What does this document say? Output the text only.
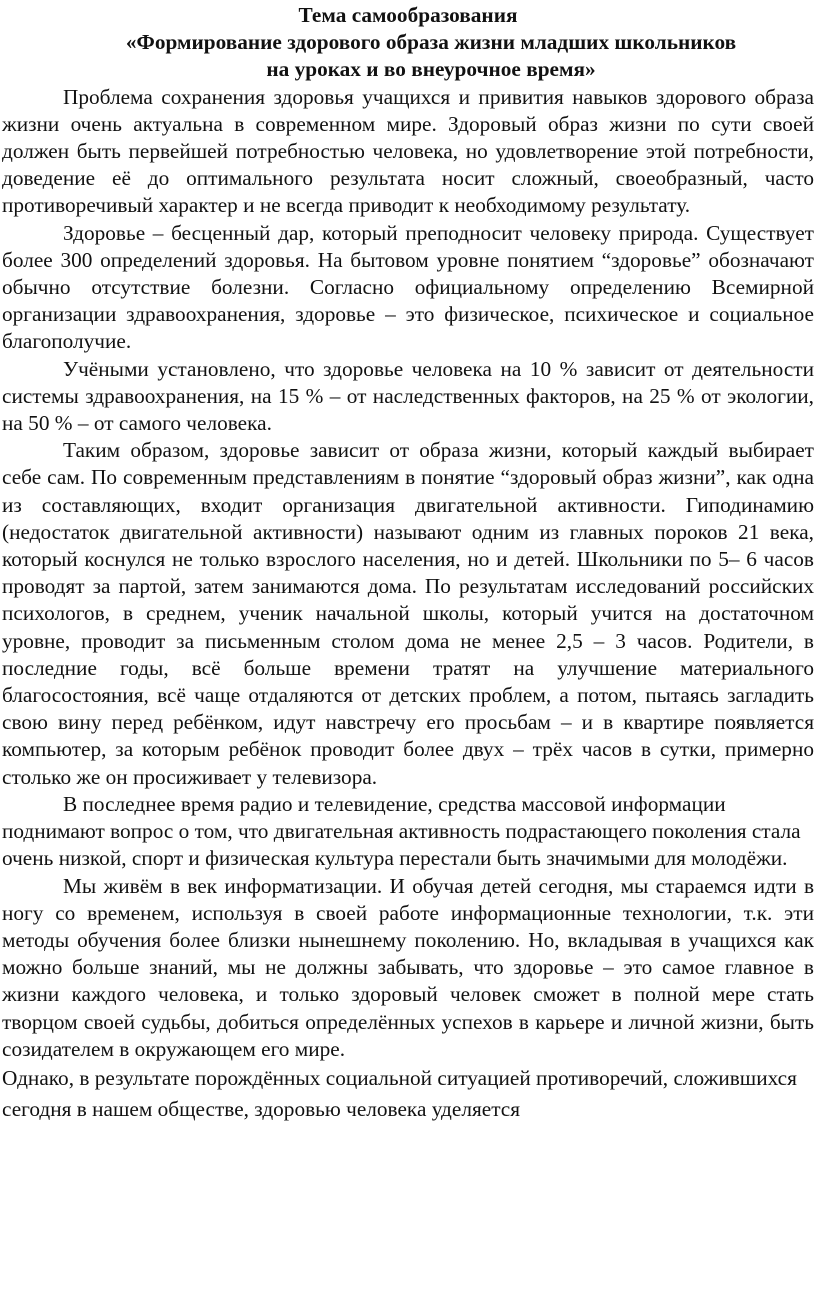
Тема самообразования

«Формирование здорового образа жизни младших школьников

на уроках и во внеурочное время»

Проблема сохранения здоровья учащихся и привития навыков здорового образа жизни очень актуальна в современном мире. Здоровый образ жизни по сути своей должен быть первейшей потребностью человека, но удовлетворение этой потребности, доведение её до оптимального результата носит сложный, своеобразный, часто противоречивый характер и не всегда приводит к необходимому результату.

Здоровье – бесценный дар, который преподносит человеку природа. Существует более 300 определений здоровья. На бытовом уровне понятием “здоровье” обозначают обычно отсутствие болезни. Согласно официальному определению Всемирной организации здравоохранения, здоровье – это физическое, психическое и социальное благополучие.

Учёными установлено, что здоровье человека на 10 % зависит от деятельности системы здравоохранения, на 15 % – от наследственных факторов, на 25 % от экологии, на 50 % – от самого человека.

Таким образом, здоровье зависит от образа жизни, который каждый выбирает себе сам. По современным представлениям в понятие “здоровый образ жизни”, как одна из составляющих, входит организация двигательной активности. Гиподинамию (недостаток двигательной активности) называют одним из главных пороков 21 века, который коснулся не только взрослого населения, но и детей. Школьники по 5– 6 часов проводят за партой, затем занимаются дома. По результатам исследований российских психологов, в среднем, ученик начальной школы, который учится на достаточном уровне, проводит за письменным столом дома не менее 2,5 – 3 часов. Родители, в последние годы, всё больше времени тратят на улучшение материального благосостояния, всё чаще отдаляются от детских проблем, а потом, пытаясь загладить свою вину перед ребёнком, идут навстречу его просьбам – и в квартире появляется компьютер, за которым ребёнок проводит более двух – трёх часов в сутки, примерно столько же он просиживает у телевизора.

В последнее время радио и телевидение, средства массовой информации поднимают вопрос о том, что двигательная активность подрастающего поколения стала очень низкой, спорт и физическая культура перестали быть значимыми для молодёжи.

Мы живём в век информатизации. И обучая детей сегодня, мы стараемся идти в ногу со временем, используя в своей работе информационные технологии, т.к. эти методы обучения более близки нынешнему поколению. Но, вкладывая в учащихся как можно больше знаний, мы не должны забывать, что здоровье – это самое главное в жизни каждого человека, и только здоровый человек сможет в полной мере стать творцом своей судьбы, добиться определённых успехов в карьере и личной жизни, быть созидателем в окружающем его мире.

Однако, в результате порождённых социальной ситуацией противоречий, сложившихся сегодня в нашем обществе, здоровью человека уделяется
